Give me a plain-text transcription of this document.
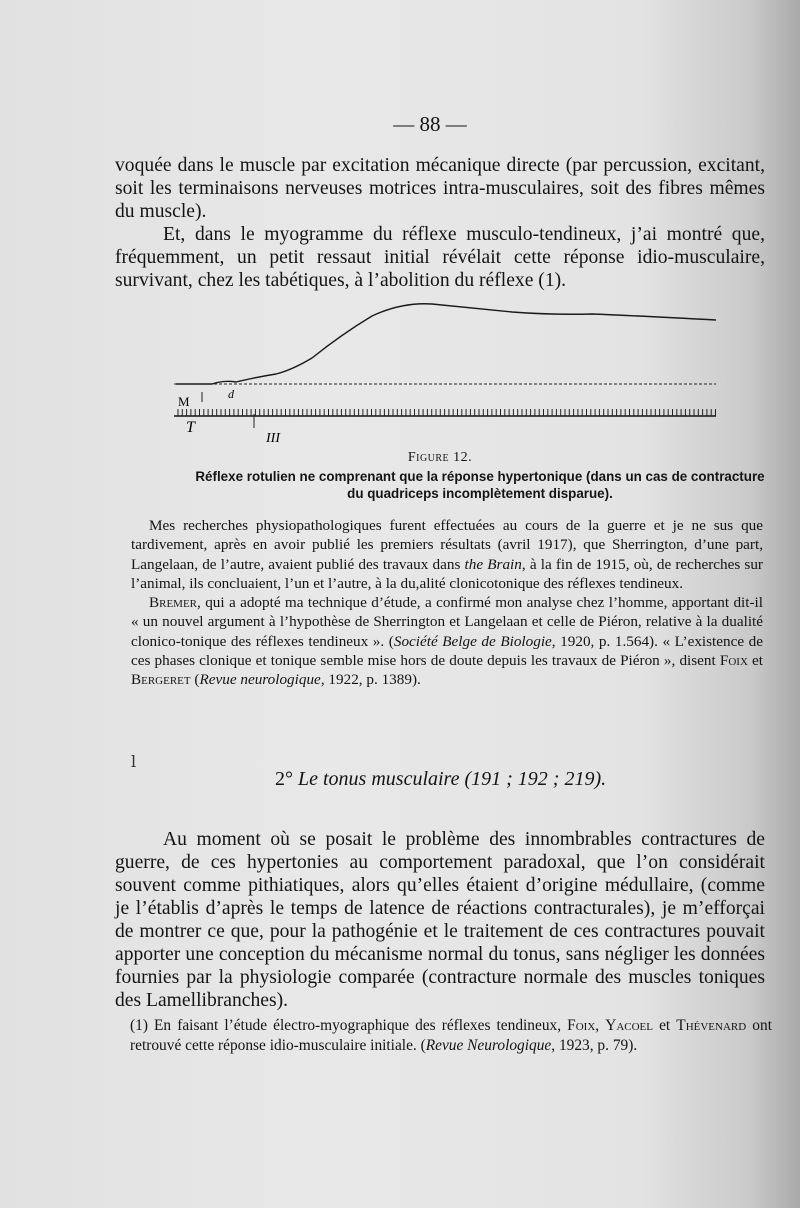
— 88 —

voquée dans le muscle par excitation mécanique directe (par percussion, excitant, soit les terminaisons nerveuses motrices intra-musculaires, soit des fibres mêmes du muscle).

Et, dans le myogramme du réflexe musculo-tendineux, j’ai montré que, fréquemment, un petit ressaut initial révélait cette réponse idio-musculaire, survivant, chez les tabétiques, à l’abolition du réflexe (1).

M	d
T
III
Figure 12.
Réflexe rotulien ne comprenant que la réponse hypertonique (dans un cas de contracture du quadriceps incomplètement disparue).

Mes recherches physiopathologiques furent effectuées au cours de la guerre et je ne sus que tardivement, après en avoir publié les premiers résultats (avril 1917), que Sherrington, d’une part, Langelaan, de l’autre, avaient publié des travaux dans the Brain, à la fin de 1915, où, de recherches sur l’animal, ils concluaient, l’un et l’autre, à la du,alité clonicotonique des réflexes tendineux.

Bremer, qui a adopté ma technique d’étude, a confirmé mon analyse chez l’homme, apportant dit-il « un nouvel argument à l’hypothèse de Sherrington et Langelaan et celle de Piéron, relative à la dualité clonico-tonique des réflexes tendineux ». (Société Belge de Biologie, 1920, p. 1.564). « L’existence de ces phases clonique et tonique semble mise hors de doute depuis les travaux de Piéron », disent Foix et Bergeret (Revue neurologique, 1922, p. 1389).

l
2° Le tonus musculaire (191 ; 192 ; 219).

Au moment où se posait le problème des innombrables contractures de guerre, de ces hypertonies au comportement paradoxal, que l’on considérait souvent comme pithiatiques, alors qu’elles étaient d’origine médullaire, (comme je l’établis d’après le temps de latence de réactions contracturales), je m’efforçai de montrer ce que, pour la pathogénie et le traitement de ces contractures pouvait apporter une conception du mécanisme normal du tonus, sans négliger les données fournies par la physiologie comparée (contracture normale des muscles toniques des Lamellibranches).

(1) En faisant l’étude électro-myographique des réflexes tendineux, Foix, Yacoel et Thévenard ont retrouvé cette réponse idio-musculaire initiale. (Revue Neurologique, 1923, p. 79).
